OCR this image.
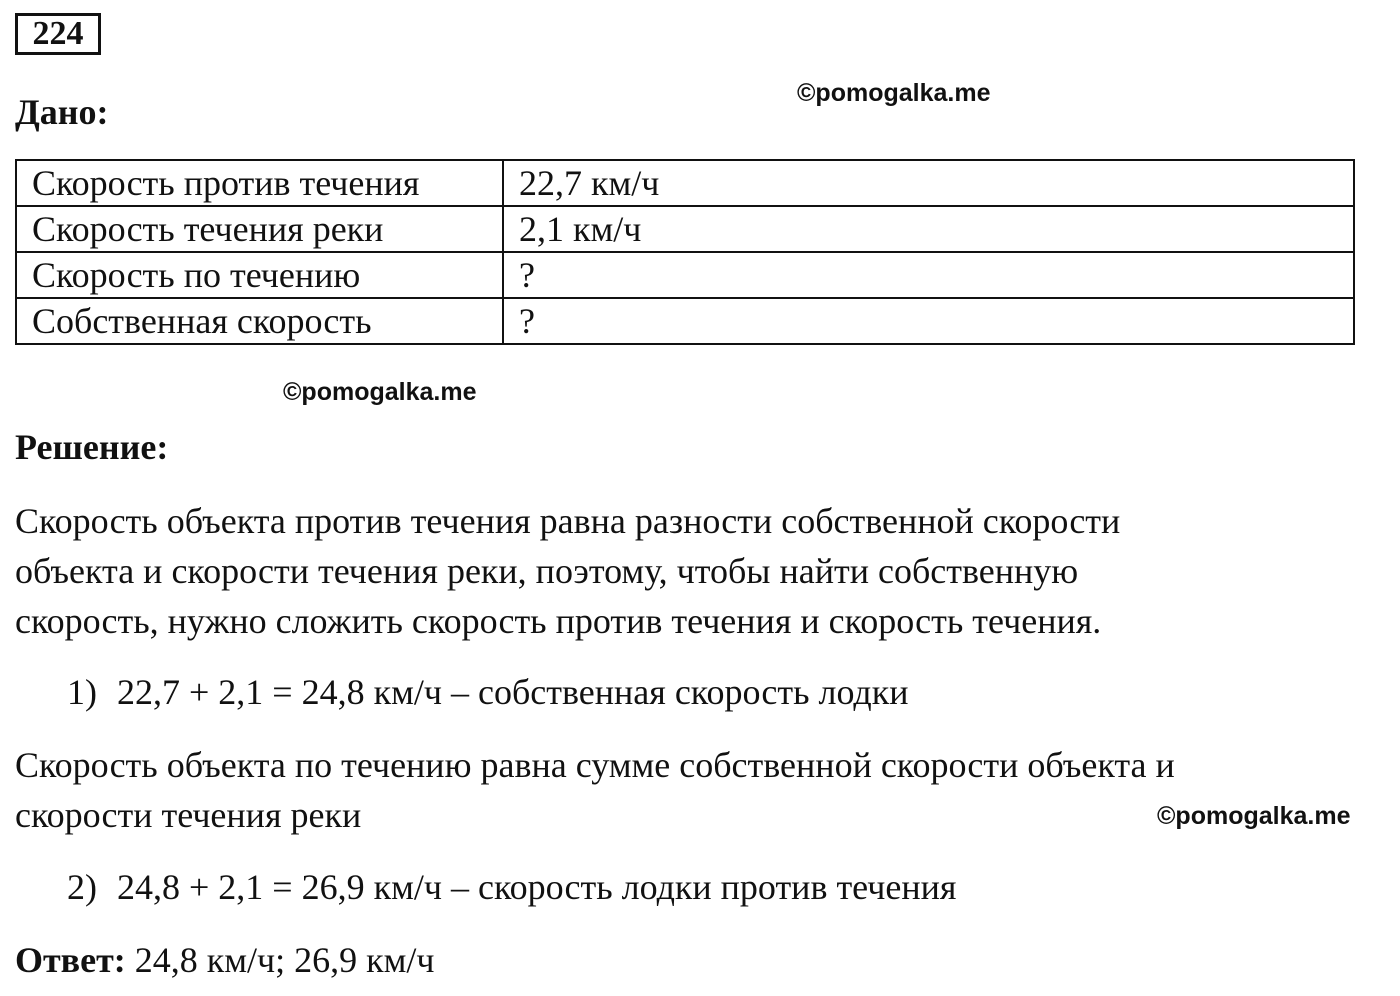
224
Дано:	©pomogalka.me
Скорость против течения	22,7 км/ч
Скорость течения реки	2,1 км/ч
Скорость по течению	?
Собственная скорость	?
©pomogalka.me
Решение:
Скорость объекта против течения равна разности собственной скорости
объекта и скорости течения реки, поэтому, чтобы найти собственную
скорость, нужно сложить скорость против течения и скорость течения.
1) 22,7 + 2,1 = 24,8 км/ч – собственная скорость лодки
Скорость объекта по течению равна сумме собственной скорости объекта и
скорости течения реки	©pomogalka.me
2) 24,8 + 2,1 = 26,9 км/ч – скорость лодки против течения
Ответ: 24,8 км/ч; 26,9 км/ч
